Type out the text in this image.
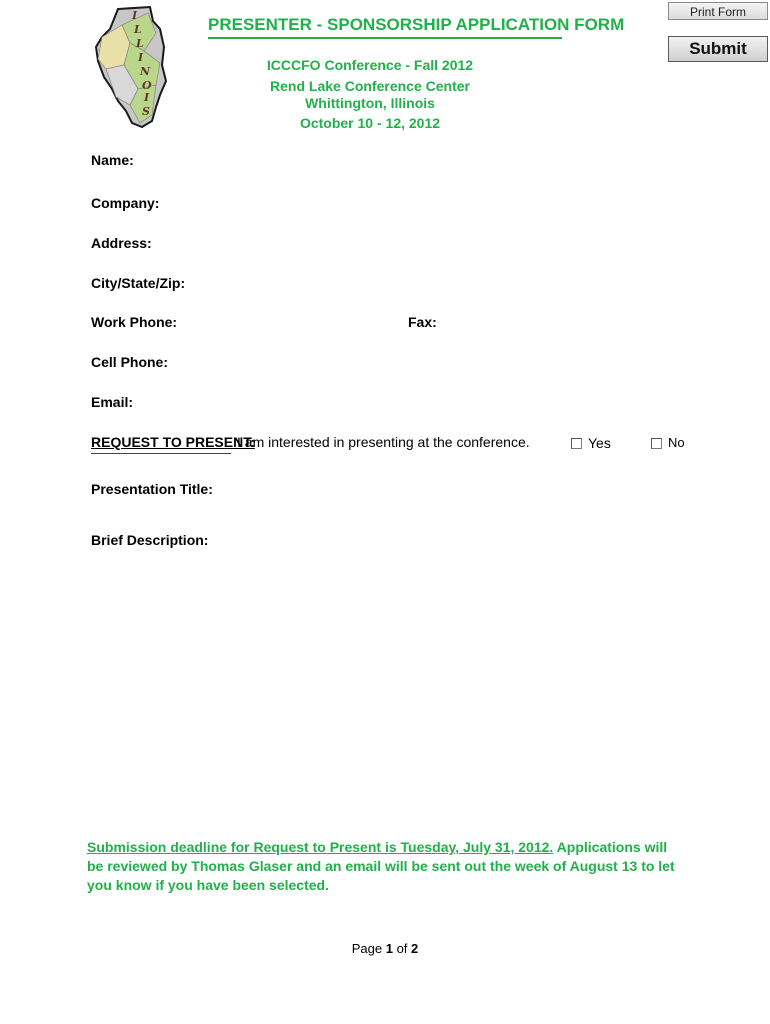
Print Form
Submit
I
L
L
I
N
O
I
S
PRESENTER - SPONSORSHIP APPLICATION FORM
ICCCFO Conference - Fall 2012
Rend Lake Conference Center
Whittington, Illinois
October 10 - 12, 2012
Name:
Company:
Address:
City/State/Zip:
Work Phone:	Fax:
Cell Phone:
Email:
REQUEST TO PRESENT:
I am interested in presenting at the conference.	Yes	No
Presentation Title:
Brief Description:
Submission deadline for Request to Present is Tuesday, July 31, 2012. Applications will be reviewed by Thomas Glaser and an email will be sent out the week of August 13 to let you know if you have been selected.
Page 1 of 2
